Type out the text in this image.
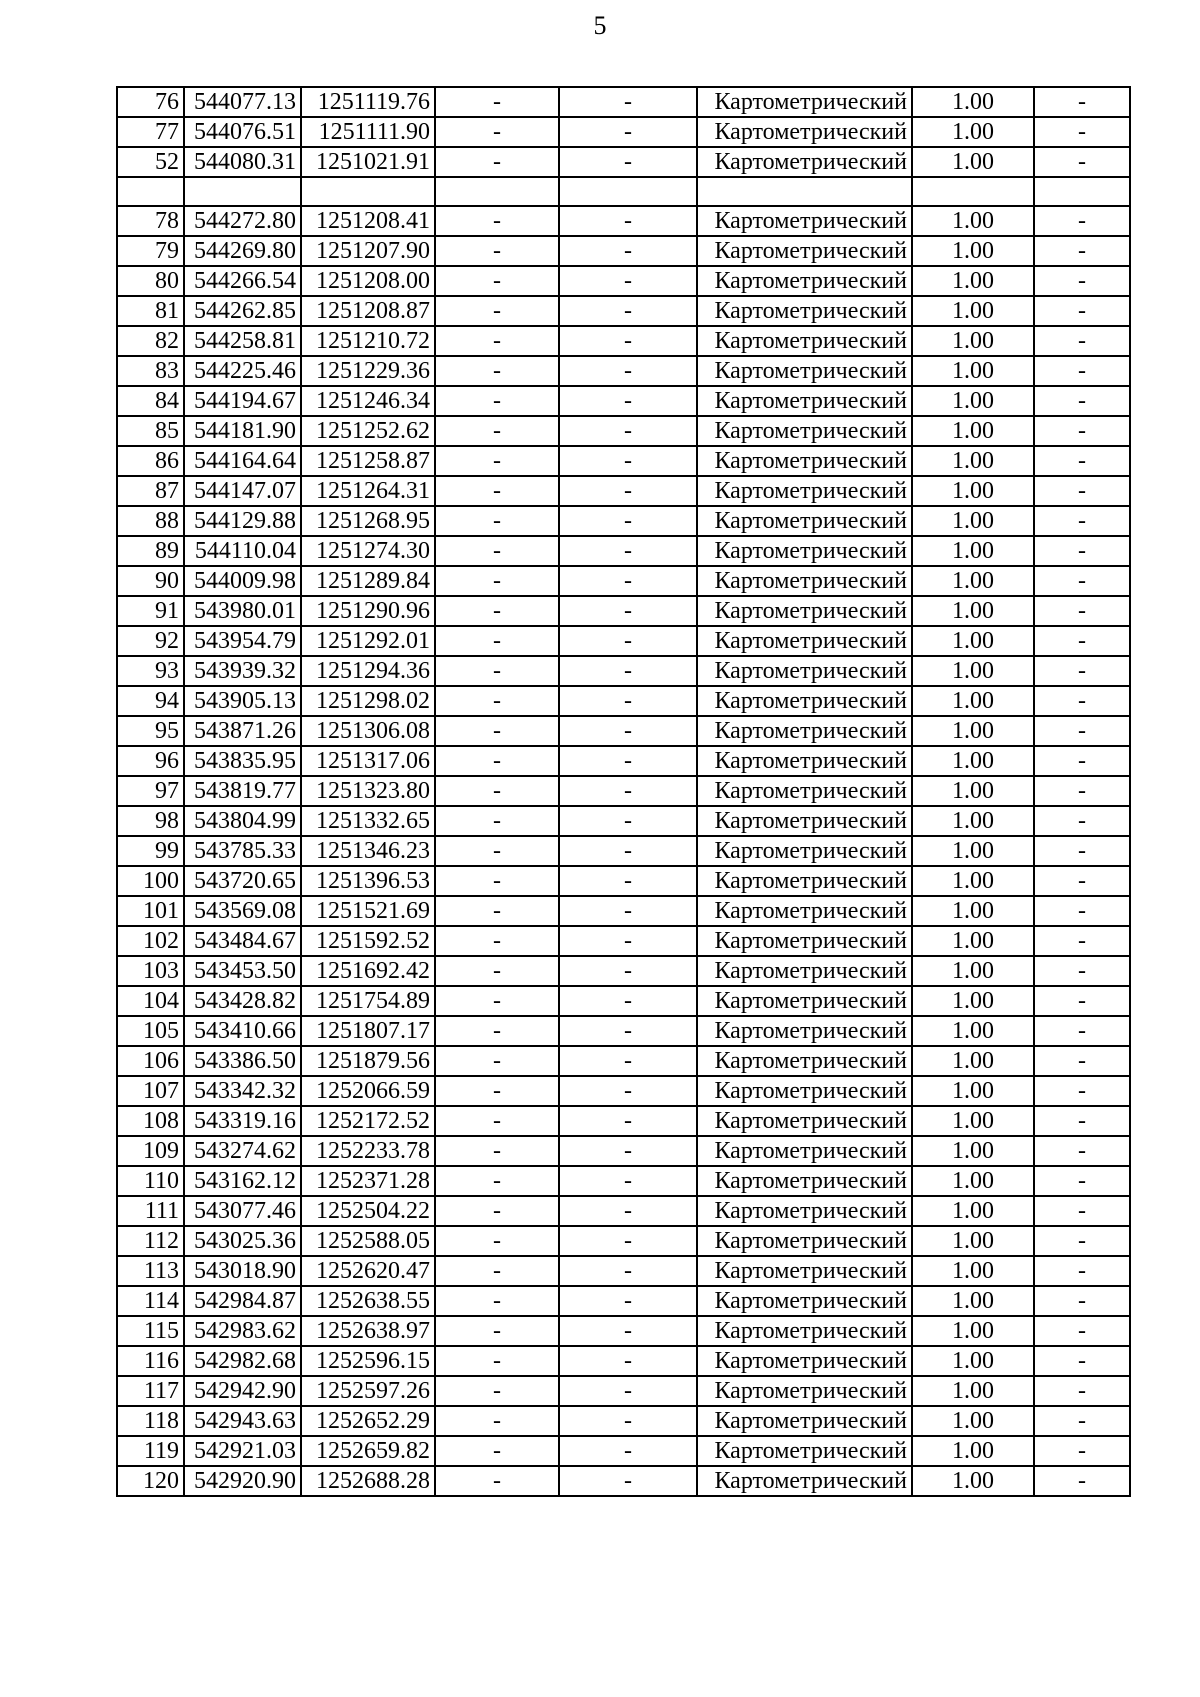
5
76	544077.13	1251119.76	-	-	Картометрический	1.00	-
77	544076.51	1251111.90	-	-	Картометрический	1.00	-
52	544080.31	1251021.91	-	-	Картометрический	1.00	-

78	544272.80	1251208.41	-	-	Картометрический	1.00	-
79	544269.80	1251207.90	-	-	Картометрический	1.00	-
80	544266.54	1251208.00	-	-	Картометрический	1.00	-
81	544262.85	1251208.87	-	-	Картометрический	1.00	-
82	544258.81	1251210.72	-	-	Картометрический	1.00	-
83	544225.46	1251229.36	-	-	Картометрический	1.00	-
84	544194.67	1251246.34	-	-	Картометрический	1.00	-
85	544181.90	1251252.62	-	-	Картометрический	1.00	-
86	544164.64	1251258.87	-	-	Картометрический	1.00	-
87	544147.07	1251264.31	-	-	Картометрический	1.00	-
88	544129.88	1251268.95	-	-	Картометрический	1.00	-
89	544110.04	1251274.30	-	-	Картометрический	1.00	-
90	544009.98	1251289.84	-	-	Картометрический	1.00	-
91	543980.01	1251290.96	-	-	Картометрический	1.00	-
92	543954.79	1251292.01	-	-	Картометрический	1.00	-
93	543939.32	1251294.36	-	-	Картометрический	1.00	-
94	543905.13	1251298.02	-	-	Картометрический	1.00	-
95	543871.26	1251306.08	-	-	Картометрический	1.00	-
96	543835.95	1251317.06	-	-	Картометрический	1.00	-
97	543819.77	1251323.80	-	-	Картометрический	1.00	-
98	543804.99	1251332.65	-	-	Картометрический	1.00	-
99	543785.33	1251346.23	-	-	Картометрический	1.00	-
100	543720.65	1251396.53	-	-	Картометрический	1.00	-
101	543569.08	1251521.69	-	-	Картометрический	1.00	-
102	543484.67	1251592.52	-	-	Картометрический	1.00	-
103	543453.50	1251692.42	-	-	Картометрический	1.00	-
104	543428.82	1251754.89	-	-	Картометрический	1.00	-
105	543410.66	1251807.17	-	-	Картометрический	1.00	-
106	543386.50	1251879.56	-	-	Картометрический	1.00	-
107	543342.32	1252066.59	-	-	Картометрический	1.00	-
108	543319.16	1252172.52	-	-	Картометрический	1.00	-
109	543274.62	1252233.78	-	-	Картометрический	1.00	-
110	543162.12	1252371.28	-	-	Картометрический	1.00	-
111	543077.46	1252504.22	-	-	Картометрический	1.00	-
112	543025.36	1252588.05	-	-	Картометрический	1.00	-
113	543018.90	1252620.47	-	-	Картометрический	1.00	-
114	542984.87	1252638.55	-	-	Картометрический	1.00	-
115	542983.62	1252638.97	-	-	Картометрический	1.00	-
116	542982.68	1252596.15	-	-	Картометрический	1.00	-
117	542942.90	1252597.26	-	-	Картометрический	1.00	-
118	542943.63	1252652.29	-	-	Картометрический	1.00	-
119	542921.03	1252659.82	-	-	Картометрический	1.00	-
120	542920.90	1252688.28	-	-	Картометрический	1.00	-
